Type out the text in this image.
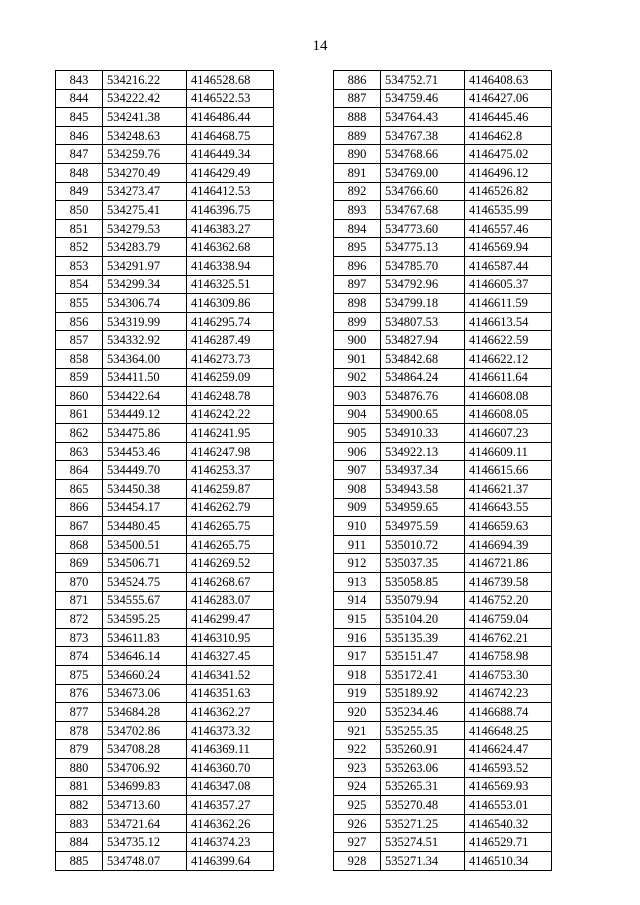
14
843	534216.22	4146528.68
844	534222.42	4146522.53
845	534241.38	4146486.44
846	534248.63	4146468.75
847	534259.76	4146449.34
848	534270.49	4146429.49
849	534273.47	4146412.53
850	534275.41	4146396.75
851	534279.53	4146383.27
852	534283.79	4146362.68
853	534291.97	4146338.94
854	534299.34	4146325.51
855	534306.74	4146309.86
856	534319.99	4146295.74
857	534332.92	4146287.49
858	534364.00	4146273.73
859	534411.50	4146259.09
860	534422.64	4146248.78
861	534449.12	4146242.22
862	534475.86	4146241.95
863	534453.46	4146247.98
864	534449.70	4146253.37
865	534450.38	4146259.87
866	534454.17	4146262.79
867	534480.45	4146265.75
868	534500.51	4146265.75
869	534506.71	4146269.52
870	534524.75	4146268.67
871	534555.67	4146283.07
872	534595.25	4146299.47
873	534611.83	4146310.95
874	534646.14	4146327.45
875	534660.24	4146341.52
876	534673.06	4146351.63
877	534684.28	4146362.27
878	534702.86	4146373.32
879	534708.28	4146369.11
880	534706.92	4146360.70
881	534699.83	4146347.08
882	534713.60	4146357.27
883	534721.64	4146362.26
884	534735.12	4146374.23
885	534748.07	4146399.64
886	534752.71	4146408.63
887	534759.46	4146427.06
888	534764.43	4146445.46
889	534767.38	4146462.8
890	534768.66	4146475.02
891	534769.00	4146496.12
892	534766.60	4146526.82
893	534767.68	4146535.99
894	534773.60	4146557.46
895	534775.13	4146569.94
896	534785.70	4146587.44
897	534792.96	4146605.37
898	534799.18	4146611.59
899	534807.53	4146613.54
900	534827.94	4146622.59
901	534842.68	4146622.12
902	534864.24	4146611.64
903	534876.76	4146608.08
904	534900.65	4146608.05
905	534910.33	4146607.23
906	534922.13	4146609.11
907	534937.34	4146615.66
908	534943.58	4146621.37
909	534959.65	4146643.55
910	534975.59	4146659.63
911	535010.72	4146694.39
912	535037.35	4146721.86
913	535058.85	4146739.58
914	535079.94	4146752.20
915	535104.20	4146759.04
916	535135.39	4146762.21
917	535151.47	4146758.98
918	535172.41	4146753.30
919	535189.92	4146742.23
920	535234.46	4146688.74
921	535255.35	4146648.25
922	535260.91	4146624.47
923	535263.06	4146593.52
924	535265.31	4146569.93
925	535270.48	4146553.01
926	535271.25	4146540.32
927	535274.51	4146529.71
928	535271.34	4146510.34
